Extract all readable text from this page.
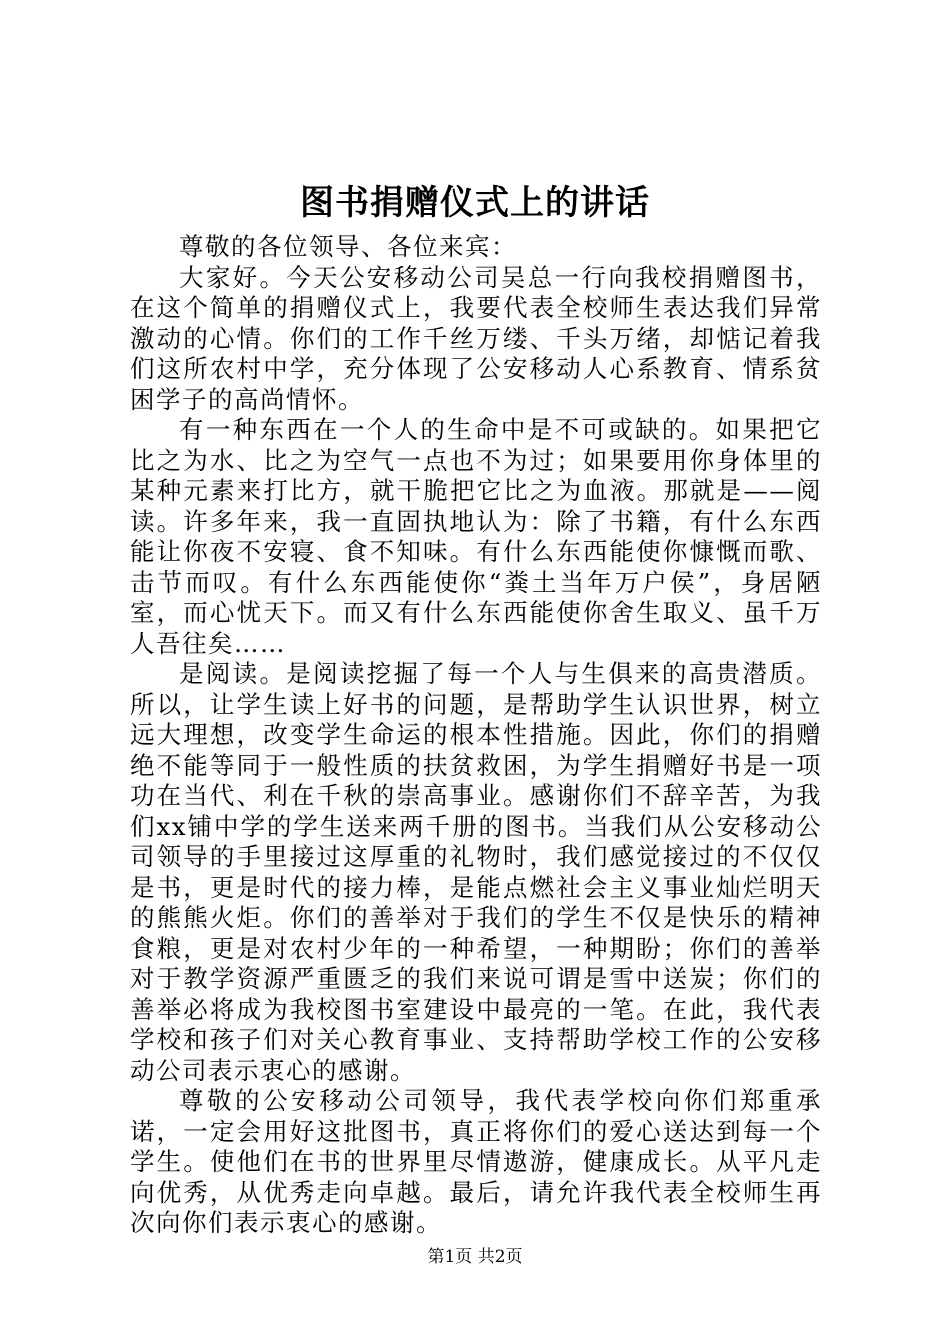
图书捐赠仪式上的讲话

尊敬的各位领导、各位来宾：

大家好。今天公安移动公司吴总一行向我校捐赠图书，在这个简单的捐赠仪式上，我要代表全校师生表达我们异常激动的心情。你们的工作千丝万缕、千头万绪，却惦记着我们这所农村中学，充分体现了公安移动人心系教育、情系贫困学子的高尚情怀。

有一种东西在一个人的生命中是不可或缺的。如果把它比之为水、比之为空气一点也不为过；如果要用你身体里的某种元素来打比方，就干脆把它比之为血液。那就是——阅读。许多年来，我一直固执地认为：除了书籍，有什么东西能让你夜不安寝、食不知味。有什么东西能使你慷慨而歌、击节而叹。有什么东西能使你“粪土当年万户侯”，身居陋室，而心忧天下。而又有什么东西能使你舍生取义、虽千万人吾往矣……

是阅读。是阅读挖掘了每一个人与生俱来的高贵潜质。所以，让学生读上好书的问题，是帮助学生认识世界，树立远大理想，改变学生命运的根本性措施。因此，你们的捐赠绝不能等同于一般性质的扶贫救困，为学生捐赠好书是一项功在当代、利在千秋的崇高事业。感谢你们不辞辛苦，为我们xx铺中学的学生送来两千册的图书。当我们从公安移动公司领导的手里接过这厚重的礼物时，我们感觉接过的不仅仅是书，更是时代的接力棒，是能点燃社会主义事业灿烂明天的熊熊火炬。你们的善举对于我们的学生不仅是快乐的精神食粮，更是对农村少年的一种希望，一种期盼；你们的善举对于教学资源严重匮乏的我们来说可谓是雪中送炭；你们的善举必将成为我校图书室建设中最亮的一笔。在此，我代表学校和孩子们对关心教育事业、支持帮助学校工作的公安移动公司表示衷心的感谢。

尊敬的公安移动公司领导，我代表学校向你们郑重承诺，一定会用好这批图书，真正将你们的爱心送达到每一个学生。使他们在书的世界里尽情遨游，健康成长。从平凡走向优秀，从优秀走向卓越。最后，请允许我代表全校师生再次向你们表示衷心的感谢。

第1页 共2页
